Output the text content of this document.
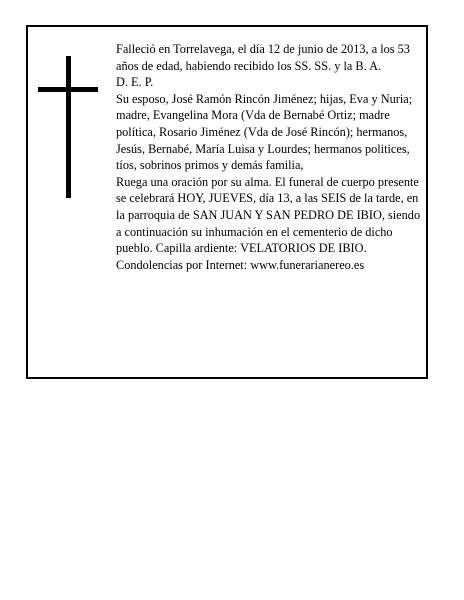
Falleció en Torrelavega, el día 12 de junio de 2013, a los 53 años de edad, habiendo recibido los SS. SS. y la B. A.

D. E. P.

Su esposo, José Ramón Rincón Jiménez; hijas, Eva y Nuria; madre, Evangelina Mora (Vda de Bernabé Ortiz; madre política, Rosario Jiménez (Vda de José Rincón); hermanos, Jesús, Bernabé, María Luisa y Lourdes; hermanos politices, tíos, sobrinos primos y demás familia,

Ruega una oración por su alma. El funeral de cuerpo presente se celebrará HOY, JUEVES, día 13, a las SEIS de la tarde, en la parroquia de SAN JUAN Y SAN PEDRO DE IBIO, siendo a continuación su inhumación en el cementerio de dicho pueblo. Capilla ardiente: VELATORIOS DE IBIO.

Condolencias por Internet: www.funerarianereo.es
